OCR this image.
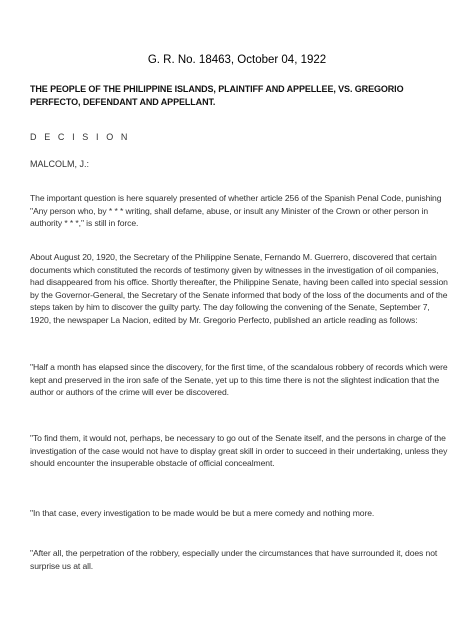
G. R. No. 18463, October 04, 1922

THE PEOPLE OF THE PHILIPPINE ISLANDS, PLAINTIFF AND APPELLEE, VS. GREGORIO PERFECTO, DEFENDANT AND APPELLANT.

D E C I S I O N

MALCOLM, J.:

The important question is here squarely presented of whether article 256 of the Spanish Penal Code, punishing "Any person who, by * * * writing, shall defame, abuse, or insult any Minister of the Crown or other person in authority * * *," is still in force.

About August 20, 1920, the Secretary of the Philippine Senate, Fernando M. Guerrero, discovered that certain documents which constituted the records of testimony given by witnesses in the investigation of oil companies, had disappeared from his office. Shortly thereafter, the Philippine Senate, having been called into special session by the Governor-General, the Secretary of the Senate informed that body of the loss of the documents and of the steps taken by him to discover the guilty party. The day following the convening of the Senate, September 7, 1920, the newspaper La Nacion, edited by Mr. Gregorio Perfecto, published an article reading as follows:

"Half a month has elapsed since the discovery, for the first time, of the scandalous robbery of records which were kept and preserved in the iron safe of the Senate, yet up to this time there is not the slightest indication that the author or authors of the crime will ever be discovered.

"To find them, it would not, perhaps, be necessary to go out of the Senate itself, and the persons in charge of the investigation of the case would not have to display great skill in order to succeed in their undertaking, unless they should encounter the insuperable obstacle of official concealment.

"In that case, every investigation to be made would be but a mere comedy and nothing more.

"After all, the perpetration of the robbery, especially under the circumstances that have surrounded it, does not surprise us at all.
